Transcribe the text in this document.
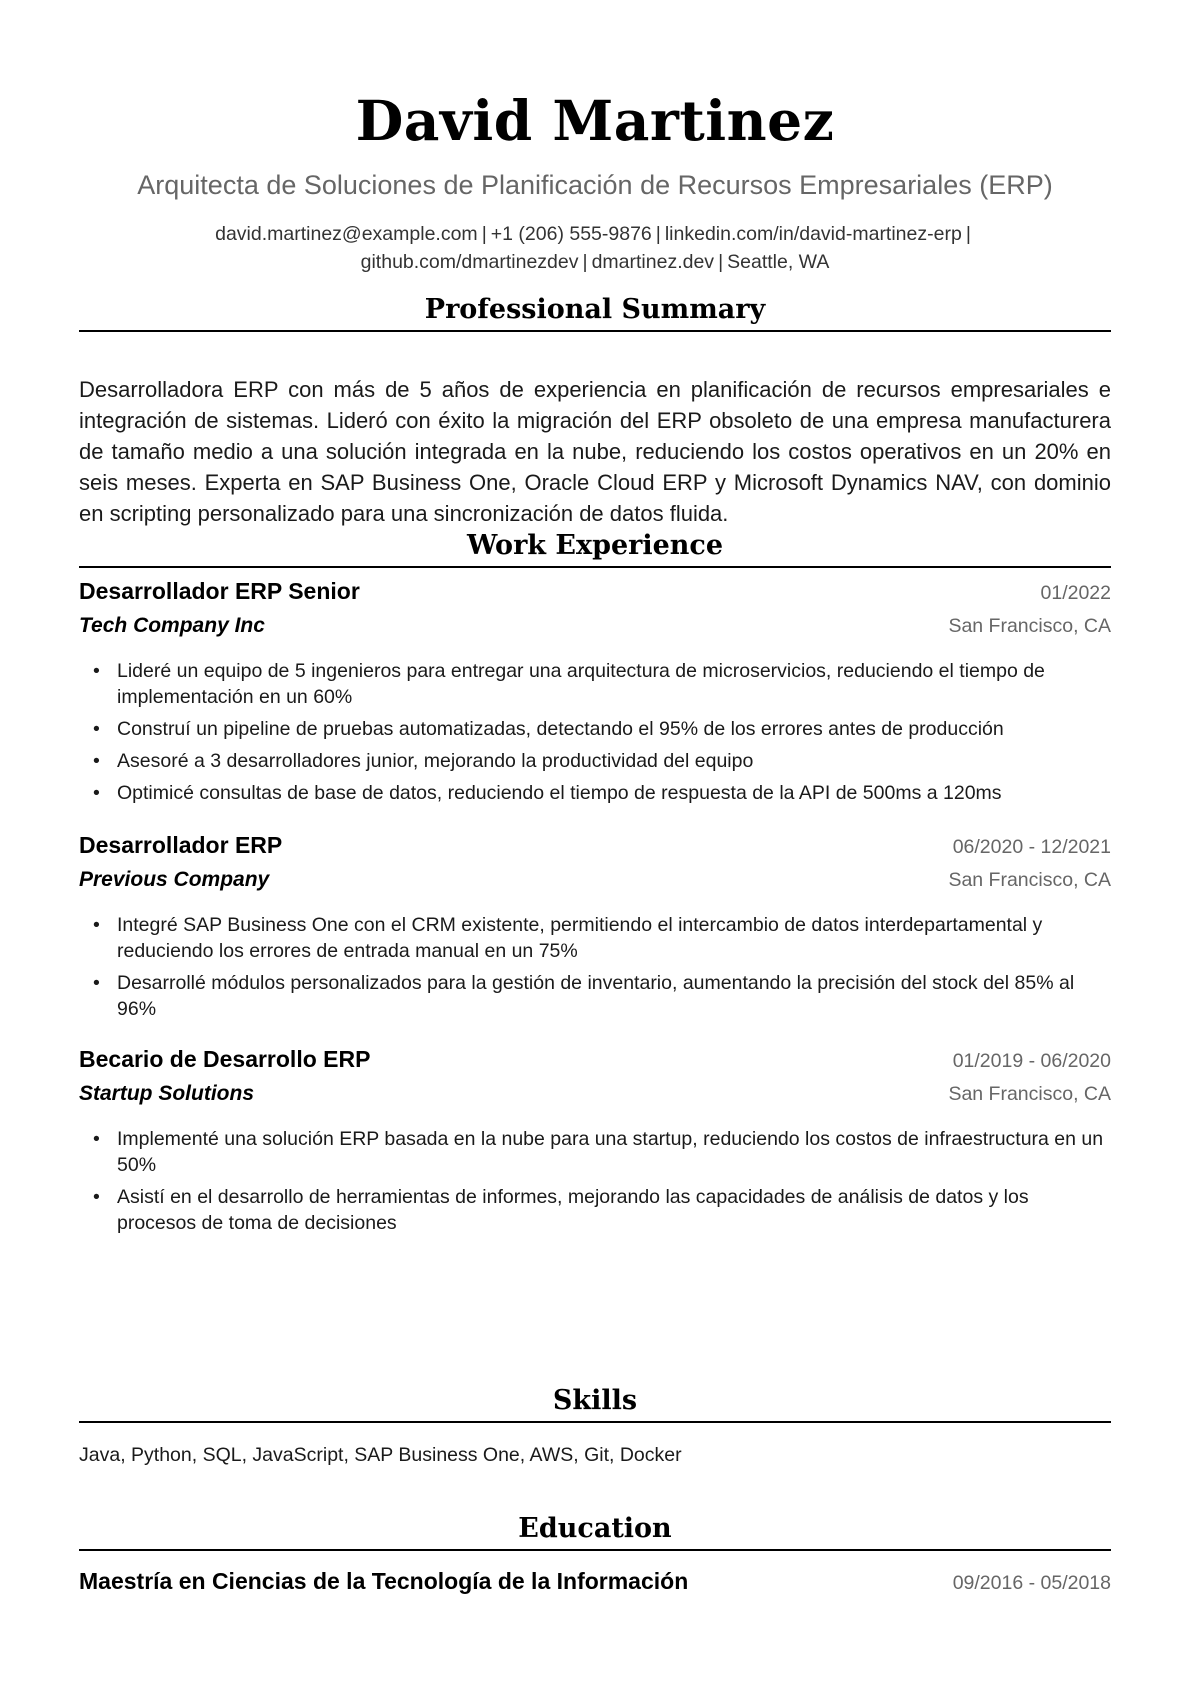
David Martinez
Arquitecta de Soluciones de Planificación de Recursos Empresariales (ERP)
david.martinez@example.com | +1 (206) 555-9876 | linkedin.com/in/david-martinez-erp |
github.com/dmartinezdev | dmartinez.dev | Seattle, WA
Professional Summary

Desarrolladora ERP con más de 5 años de experiencia en planificación de recursos empresariales e integración de sistemas. Lideró con éxito la migración del ERP obsoleto de una empresa manufacturera de tamaño medio a una solución integrada en la nube, reduciendo los costos operativos en un 20% en seis meses. Experta en SAP Business One, Oracle Cloud ERP y Microsoft Dynamics NAV, con dominio en scripting personalizado para una sincronización de datos fluida.

Work Experience
Desarrollador ERP Senior	01/2022
Tech Company Inc	San Francisco, CA
• Lideré un equipo de 5 ingenieros para entregar una arquitectura de microservicios, reduciendo el tiempo de implementación en un 60%
• Construí un pipeline de pruebas automatizadas, detectando el 95% de los errores antes de producción
• Asesoré a 3 desarrolladores junior, mejorando la productividad del equipo
• Optimicé consultas de base de datos, reduciendo el tiempo de respuesta de la API de 500ms a 120ms
Desarrollador ERP	06/2020 - 12/2021
Previous Company	San Francisco, CA
• Integré SAP Business One con el CRM existente, permitiendo el intercambio de datos interdepartamental y reduciendo los errores de entrada manual en un 75%
• Desarrollé módulos personalizados para la gestión de inventario, aumentando la precisión del stock del 85% al 96%
Becario de Desarrollo ERP	01/2019 - 06/2020
Startup Solutions	San Francisco, CA
• Implementé una solución ERP basada en la nube para una startup, reduciendo los costos de infraestructura en un 50%
• Asistí en el desarrollo de herramientas de informes, mejorando las capacidades de análisis de datos y los procesos de toma de decisiones
Skills

Java, Python, SQL, JavaScript, SAP Business One, AWS, Git, Docker

Education
Maestría en Ciencias de la Tecnología de la Información	09/2016 - 05/2018
